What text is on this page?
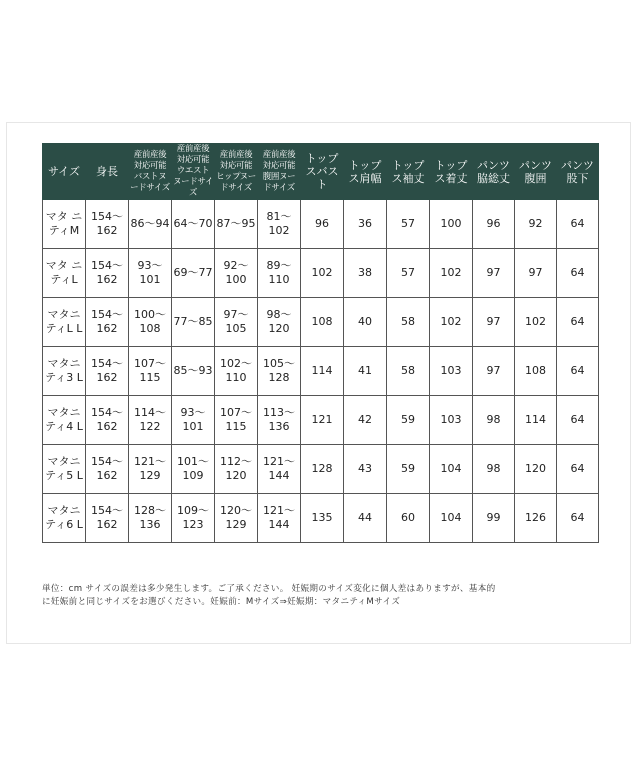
サイズ	身長	産前産後対応可能バストヌードサイズ	産前産後対応可能ウエストヌードサイズ	産前産後対応可能ヒップヌードサイズ	産前産後対応可能腹囲ヌードサイズ	トップスバスト	トップス肩幅	トップス袖丈	トップス着丈	パンツ脇総丈	パンツ腹囲	パンツ股下
マタ ニティM	154〜162	86〜94	64〜70	87〜95	81〜102	96	36	57	100	96	92	64
マタ ニティL	154〜162	93〜101	69〜77	92〜100	89〜110	102	38	57	102	97	97	64
マタニティL L	154〜162	100〜108	77〜85	97〜105	98〜120	108	40	58	102	97	102	64
マタニティ3 L	154〜162	107〜115	85〜93	102〜110	105〜128	114	41	58	103	97	108	64
マタニティ4 L	154〜162	114〜122	93〜101	107〜115	113〜136	121	42	59	103	98	114	64
マタニティ5 L	154〜162	121〜129	101〜109	112〜120	121〜144	128	43	59	104	98	120	64
マタニティ6 L	154〜162	128〜136	109〜123	120〜129	121〜144	135	44	60	104	99	126	64

単位：cm サイズの誤差は多少発生します。ご了承ください。 妊娠期のサイズ変化に個人差はありますが、基本的

に妊娠前と同じサイズをお選びください。妊娠前：Mサイズ⇒妊娠期：マタニティMサイズ
